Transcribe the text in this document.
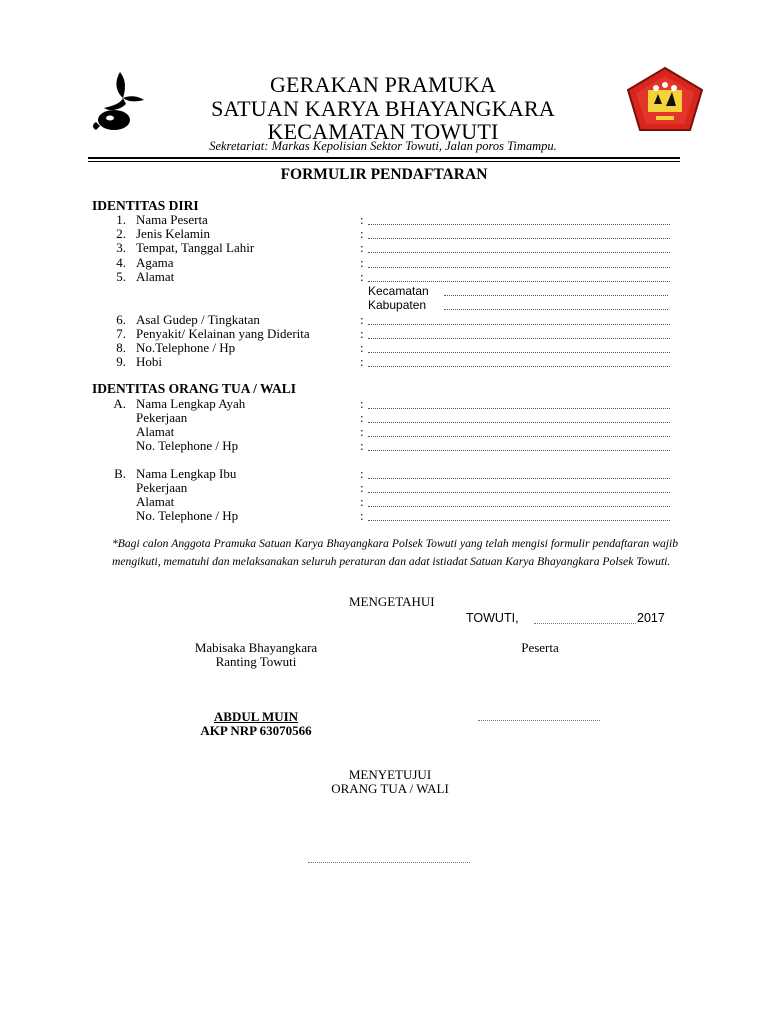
GERAKAN PRAMUKA
SATUAN KARYA BHAYANGKARA
KECAMATAN TOWUTI
Sekretariat: Markas Kepolisian Sektor Towuti, Jalan poros Timampu.
FORMULIR PENDAFTARAN
IDENTITAS DIRI
1. Nama Peserta	:
2. Jenis Kelamin	:
3. Tempat, Tanggal Lahir	:
4. Agama	:
5. Alamat	:
Kecamatan
Kabupaten
6. Asal Gudep / Tingkatan	:
7. Penyakit/ Kelainan yang Diderita	:
8. No.Telephone / Hp	:
9. Hobi	:
IDENTITAS ORANG TUA / WALI
A. Nama Lengkap Ayah	:
Pekerjaan	:
Alamat	:
No. Telephone / Hp	:
B. Nama Lengkap Ibu	:
Pekerjaan	:
Alamat	:
No. Telephone / Hp	:
*Bagi calon Anggota Pramuka Satuan Karya Bhayangkara Polsek Towuti yang telah mengisi formulir pendaftaran wajib mengikuti, mematuhi dan melaksanakan seluruh peraturan dan adat istiadat Satuan Karya Bhayangkara Polsek Towuti.
MENGETAHUI
TOWUTI,	2017
Mabisaka Bhayangkara
Ranting Towuti
Peserta
ABDUL MUIN
AKP NRP 63070566
MENYETUJUI
ORANG TUA / WALI
